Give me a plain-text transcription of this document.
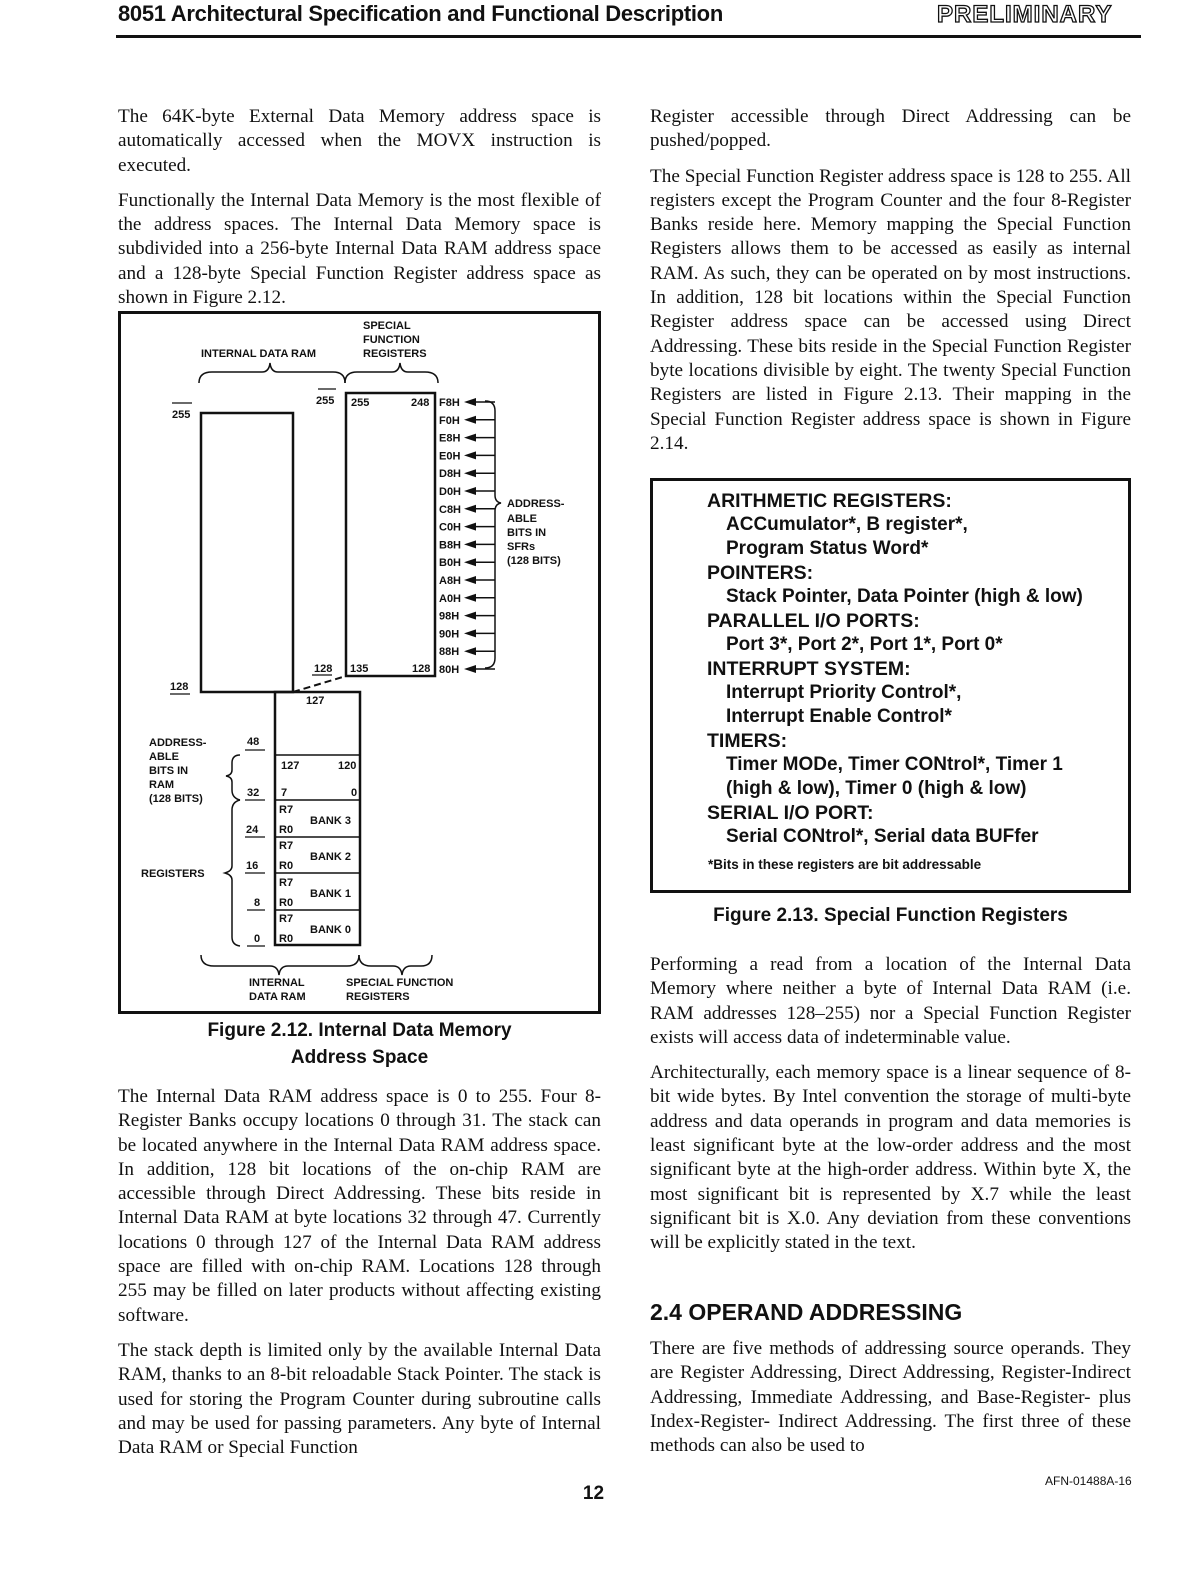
8051 Architectural Specification and Functional Description	PRELIMINARY

The 64K-byte External Data Memory address space is automatically accessed when the MOVX instruction is executed.

Functionally the Internal Data Memory is the most flexible of the address spaces. The Internal Data Memory space is subdivided into a 256-byte Internal Data RAM address space and a 128-byte Special Function Register address space as shown in Figure 2.12.

INTERNAL DATA RAM
SPECIAL
FUNCTION
REGISTERS
255
128
255 255	248
128 135	128
F8H
F0H
E8H
E0H
D8H
D0H
C8H
C0H
B8H
B0H
A8H
A0H
98H
90H
88H
80H
ADDRESS-
ABLE
BITS IN
SFRs
(128 BITS)
127
48
127	120
32 7	0
ADDRESS-
ABLE
BITS IN
RAM
(128 BITS)
R7
R0
BANK 3
24
R7
R0
BANK 2
16
R7
R0
BANK 1
8
R7
R0
BANK 0
0
REGISTERS
INTERNAL
DATA RAM
SPECIAL FUNCTION
REGISTERS
Figure 2.12. Internal Data Memory
Address Space

The Internal Data RAM address space is 0 to 255. Four 8-Register Banks occupy locations 0 through 31. The stack can be located anywhere in the Internal Data RAM address space. In addition, 128 bit locations of the on-chip RAM are accessible through Direct Addressing. These bits reside in Internal Data RAM at byte locations 32 through 47. Currently locations 0 through 127 of the Internal Data RAM address space are filled with on-chip RAM. Locations 128 through 255 may be filled on later products without affecting existing software.

The stack depth is limited only by the available Internal Data RAM, thanks to an 8-bit reloadable Stack Pointer. The stack is used for storing the Program Counter during subroutine calls and may be used for passing parameters. Any byte of Internal Data RAM or Special Function

Register accessible through Direct Addressing can be pushed/popped.

The Special Function Register address space is 128 to 255. All registers except the Program Counter and the four 8-Register Banks reside here. Memory mapping the Special Function Registers allows them to be accessed as easily as internal RAM. As such, they can be operated on by most instructions. In addition, 128 bit locations within the Special Function Register address space can be accessed using Direct Addressing. These bits reside in the Special Function Register byte locations divisible by eight. The twenty Special Function Registers are listed in Figure 2.13. Their mapping in the Special Function Register address space is shown in Figure 2.14.

ARITHMETIC REGISTERS:
ACCumulator*, B register*,
Program Status Word*
POINTERS:
Stack Pointer, Data Pointer (high & low)
PARALLEL I/O PORTS:
Port 3*, Port 2*, Port 1*, Port 0*
INTERRUPT SYSTEM:
Interrupt Priority Control*,
Interrupt Enable Control*
TIMERS:
Timer MODe, Timer CONtrol*, Timer 1
(high & low), Timer 0 (high & low)
SERIAL I/O PORT:
Serial CONtrol*, Serial data BUFfer
*Bits in these registers are bit addressable
Figure 2.13. Special Function Registers

Performing a read from a location of the Internal Data Memory where neither a byte of Internal Data RAM (i.e. RAM addresses 128–255) nor a Special Function Register exists will access data of indeterminable value.

Architecturally, each memory space is a linear sequence of 8-bit wide bytes. By Intel convention the storage of multi-byte address and data operands in program and data memories is least significant byte at the low-order address and the most significant byte at the high-order address. Within byte X, the most significant bit is represented by X.7 while the least significant bit is X.0. Any deviation from these conventions will be explicitly stated in the text.

2.4 OPERAND ADDRESSING

There are five methods of addressing source operands. They are Register Addressing, Direct Addressing, Register-Indirect Addressing, Immediate Addressing, and Base-Register- plus Index-Register- Indirect Addressing. The first three of these methods can also be used to

AFN-01488A-16
12
